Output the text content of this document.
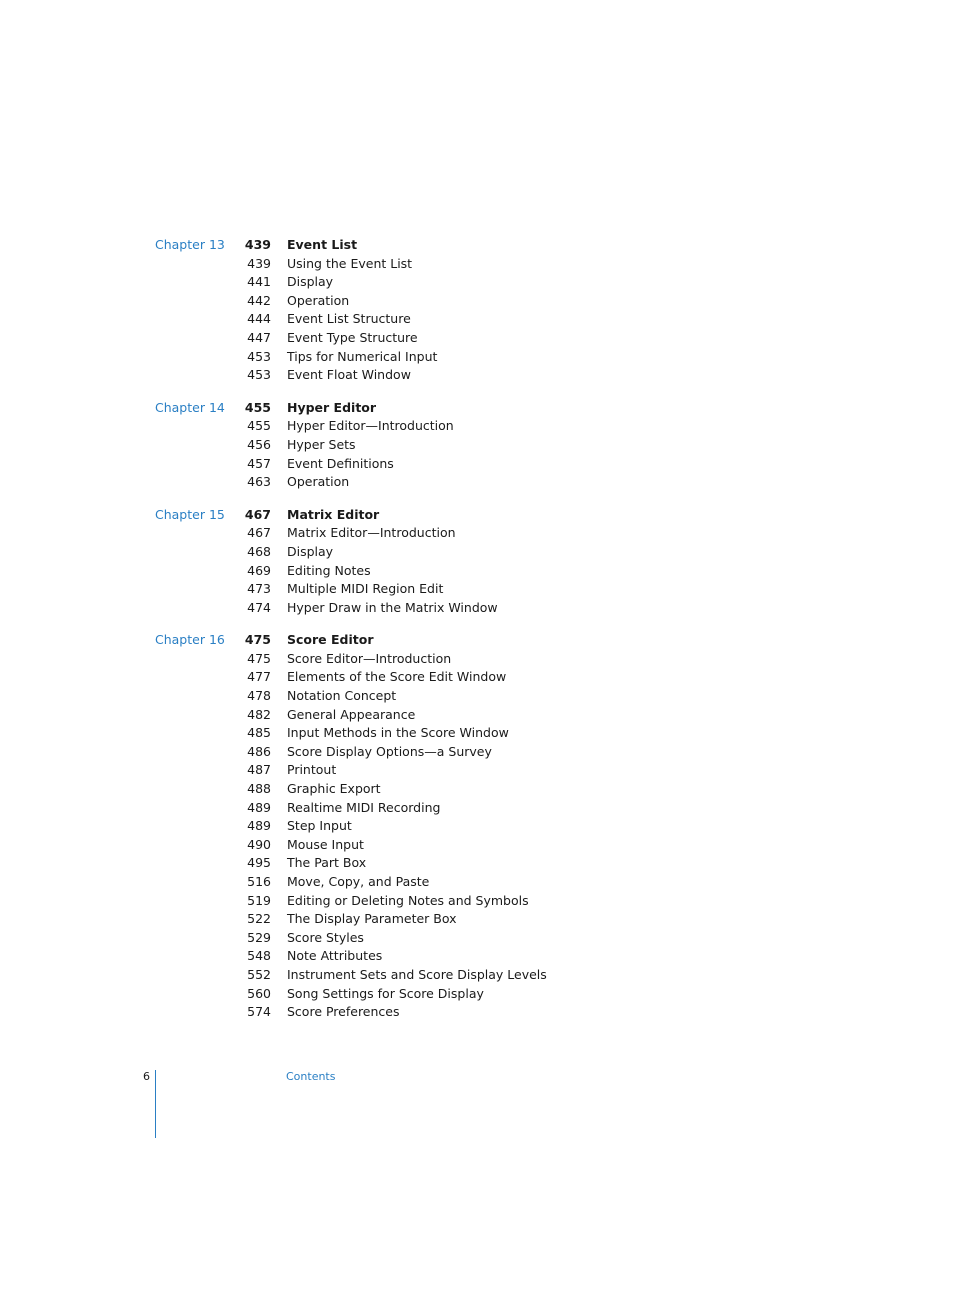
Chapter 13 439 Event List
439 Using the Event List
441 Display
442 Operation
444 Event List Structure
447 Event Type Structure
453 Tips for Numerical Input
453 Event Float Window
Chapter 14 455 Hyper Editor
455 Hyper Editor—Introduction
456 Hyper Sets
457 Event Definitions
463 Operation
Chapter 15 467 Matrix Editor
467 Matrix Editor—Introduction
468 Display
469 Editing Notes
473 Multiple MIDI Region Edit
474 Hyper Draw in the Matrix Window
Chapter 16 475 Score Editor
475 Score Editor—Introduction
477 Elements of the Score Edit Window
478 Notation Concept
482 General Appearance
485 Input Methods in the Score Window
486 Score Display Options—a Survey
487 Printout
488 Graphic Export
489 Realtime MIDI Recording
489 Step Input
490 Mouse Input
495 The Part Box
516 Move, Copy, and Paste
519 Editing or Deleting Notes and Symbols
522 The Display Parameter Box
529 Score Styles
548 Note Attributes
552 Instrument Sets and Score Display Levels
560 Song Settings for Score Display
574 Score Preferences
6	Contents
